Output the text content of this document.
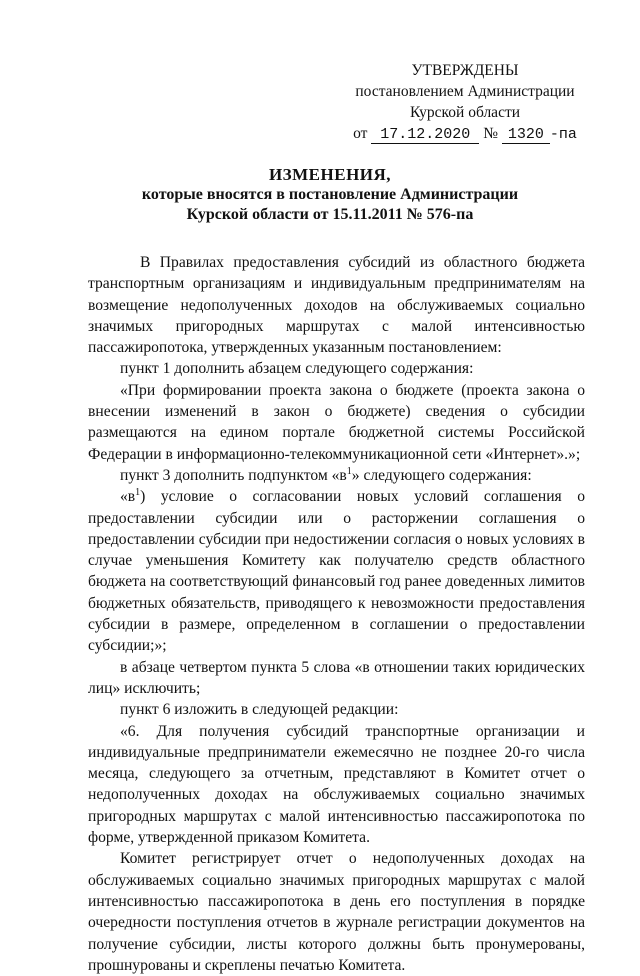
УТВЕРЖДЕНЫ
постановлением Администрации
Курской области
от 17.12.2020 № 1320 -па
ИЗМЕНЕНИЯ,
которые вносятся в постановление Администрации
Курской области от 15.11.2011 № 576-па

В Правилах предоставления субсидий из областного бюджета транспортным организациям и индивидуальным предпринимателям на возмещение недополученных доходов на обслуживаемых социально значимых пригородных маршрутах с малой интенсивностью пассажиропотока, утвержденных указанным постановлением:

пункт 1 дополнить абзацем следующего содержания:

«При формировании проекта закона о бюджете (проекта закона о внесении изменений в закон о бюджете) сведения о субсидии размещаются на едином портале бюджетной системы Российской Федерации в информационно-телекоммуникационной сети «Интернет».»;

пункт 3 дополнить подпунктом «$в^1$» следующего содержания:

«$в^1$) условие о согласовании новых условий соглашения о предоставлении субсидии или о расторжении соглашения о предоставлении субсидии при недостижении согласия о новых условиях в случае уменьшения Комитету как получателю средств областного бюджета на соответствующий финансовый год ранее доведенных лимитов бюджетных обязательств, приводящего к невозможности предоставления субсидии в размере, определенном в соглашении о предоставлении субсидии;»;

в абзаце четвертом пункта 5 слова «в отношении таких юридических лиц» исключить;

пункт 6 изложить в следующей редакции:

«6. Для получения субсидий транспортные организации и индивидуальные предприниматели ежемесячно не позднее 20-го числа месяца, следующего за отчетным, представляют в Комитет отчет о недополученных доходах на обслуживаемых социально значимых пригородных маршрутах с малой интенсивностью пассажиропотока по форме, утвержденной приказом Комитета.

Комитет регистрирует отчет о недополученных доходах на обслуживаемых социально значимых пригородных маршрутах с малой интенсивностью пассажиропотока в день его поступления в порядке очередности поступления отчетов в журнале регистрации документов на получение субсидии, листы которого должны быть пронумерованы, прошнурованы и скреплены печатью Комитета.
